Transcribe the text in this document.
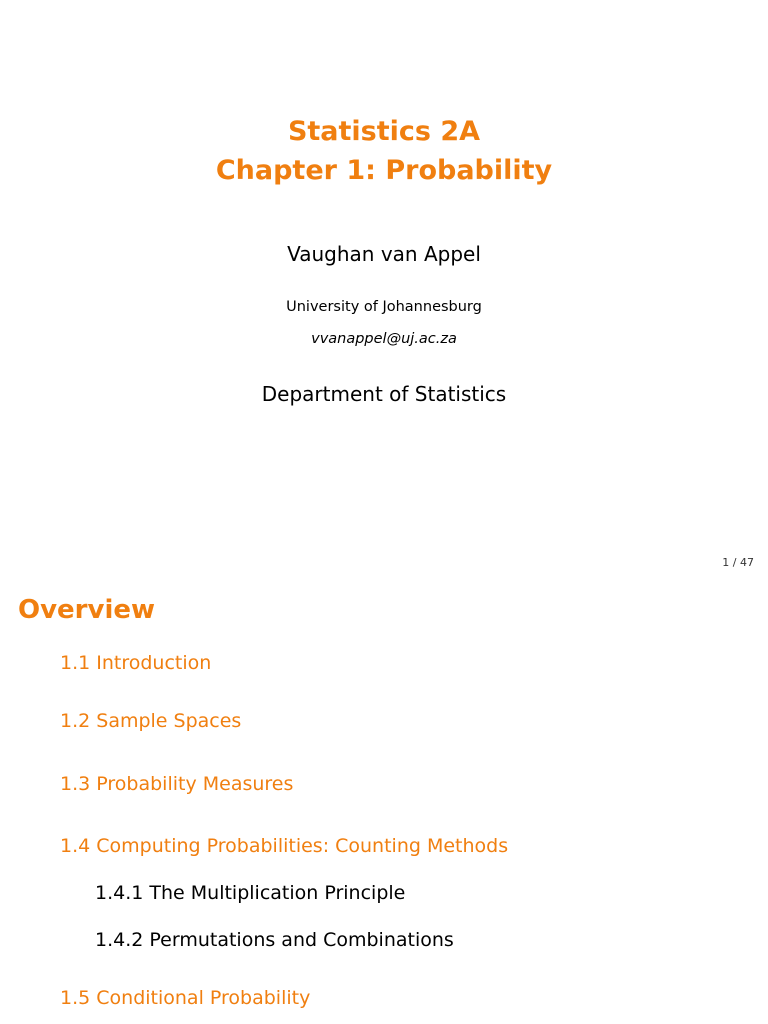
Statistics 2A
Chapter 1: Probability
Vaughan van Appel
University of Johannesburg
vvanappel@uj.ac.za
Department of Statistics
1 / 47
Overview
1.1 Introduction
1.2 Sample Spaces
1.3 Probability Measures
1.4 Computing Probabilities: Counting Methods
1.4.1 The Multiplication Principle
1.4.2 Permutations and Combinations
1.5 Conditional Probability
